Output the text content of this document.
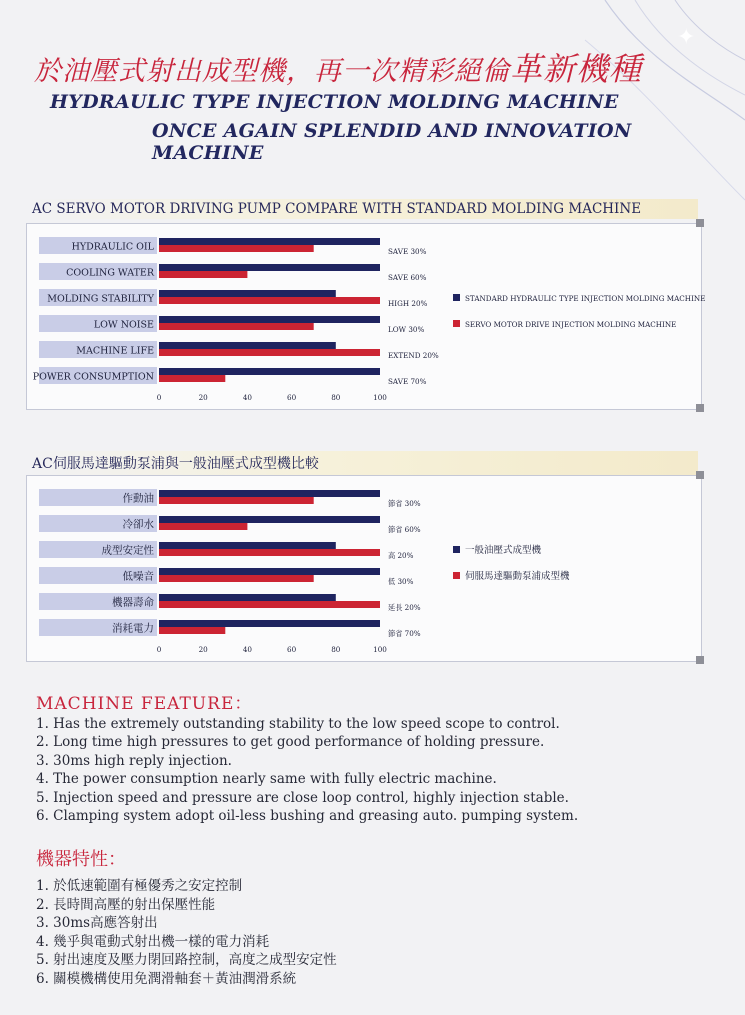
✦
於油壓式射出成型機，再一次精彩絕倫革新機種
HYDRAULIC TYPE INJECTION MOLDING MACHINE
ONCE AGAIN SPLENDID AND INNOVATION MACHINE
AC SERVO MOTOR DRIVING PUMP COMPARE WITH STANDARD MOLDING MACHINE
HYDRAULIC OIL	SAVE 30%
COOLING WATER	SAVE 60%
MOLDING STABILITY	HIGH 20%
LOW NOISE	LOW 30%
MACHINE LIFE	EXTEND 20%
POWER CONSUMPTION	SAVE 70%
0	20	40	60	80	100
STANDARD HYDRAULIC TYPE INJECTION MOLDING MACHINE
SERVO MOTOR DRIVE INJECTION MOLDING MACHINE
AC伺服馬達驅動泵浦與一般油壓式成型機比較
作動油	節省 30%
冷卻水	節省 60%
成型安定性	高 20%
低噪音	低 30%
機器壽命	延長 20%
消耗電力	節省 70%
0	20	40	60	80	100
一般油壓式成型機
伺服馬達驅動泵浦成型機
MACHINE FEATURE：
1. Has the extremely outstanding stability to the low speed scope to control.
2. Long time high pressures to get good performance of holding pressure.
3. 30ms high reply injection.
4. The power consumption nearly same with fully electric machine.
5. Injection speed and pressure are close loop control, highly injection stable.
6. Clamping system adopt oil-less bushing and greasing auto. pumping system.
機器特性：
1. 於低速範圍有極優秀之安定控制
2. 長時間高壓的射出保壓性能
3. 30ms高應答射出
4. 幾乎與電動式射出機一樣的電力消耗
5. 射出速度及壓力閉回路控制，高度之成型安定性
6. 關模機構使用免潤滑軸套＋黃油潤滑系統
